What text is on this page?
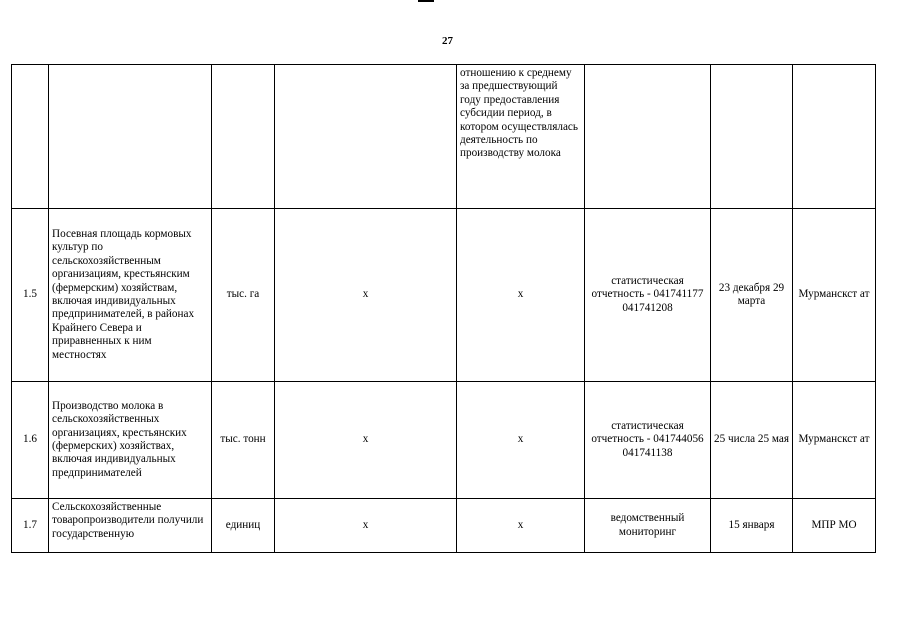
27
				отношению к среднему за предшествующий году предоставления субсидии период, в котором осуществлялась деятельность по производству молока			
1.5	Посевная площадь кормовых культур по сельскохозяйственным организациям, крестьянским (фермерским) хозяйствам, включая индивидуальных предпринимателей, в районах Крайнего Севера и приравненных к ним местностях	тыс. га	x	x	статистическая отчетность - 041741177 041741208	23 декабря 29 марта	Мурманскст ат
1.6	Производство молока в сельскохозяйственных организациях, крестьянских (фермерских) хозяйствах, включая индивидуальных предпринимателей	тыс. тонн	x	x	статистическая отчетность - 041744056 041741138	25 числа 25 мая	Мурманскст ат
1.7	Сельскохозяйственные товаропроизводители получили государственную	единиц	x	x	ведомственный мониторинг	15 января	МПР МО
